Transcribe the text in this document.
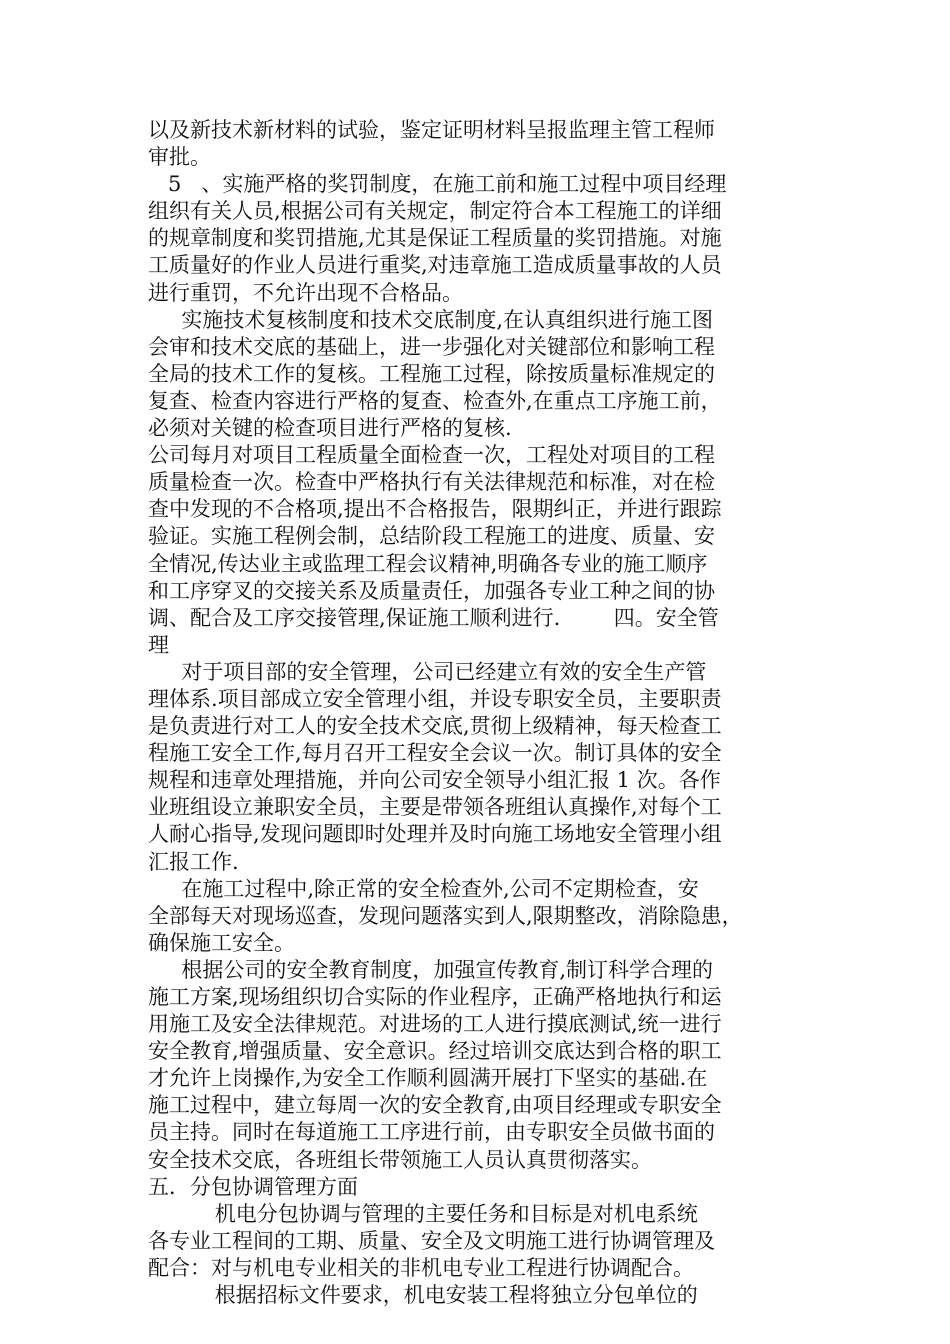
以及新技术新材料的试验，鉴定证明材料呈报监理主管工程师
审批。
5   、实施严格的奖罚制度，在施工前和施工过程中项目经理
组织有关人员,根据公司有关规定，制定符合本工程施工的详细
的规章制度和奖罚措施,尤其是保证工程质量的奖罚措施。对施
工质量好的作业人员进行重奖,对违章施工造成质量事故的人员
进行重罚，不允许出现不合格品。
实施技术复核制度和技术交底制度,在认真组织进行施工图
会审和技术交底的基础上，进一步强化对关键部位和影响工程
全局的技术工作的复核。工程施工过程，除按质量标准规定的
复查、检查内容进行严格的复查、检查外,在重点工序施工前，
必须对关键的检查项目进行严格的复核.
公司每月对项目工程质量全面检查一次，工程处对项目的工程
质量检查一次。检查中严格执行有关法律规范和标准，对在检
查中发现的不合格项,提出不合格报告，限期纠正，并进行跟踪
验证。实施工程例会制，总结阶段工程施工的进度、质量、安
全情况,传达业主或监理工程会议精神,明确各专业的施工顺序
和工序穿叉的交接关系及质量责任，加强各专业工种之间的协
调、配合及工序交接管理,保证施工顺利进行.        四。安全管
理
对于项目部的安全管理，公司已经建立有效的安全生产管
理体系.项目部成立安全管理小组，并设专职安全员，主要职责
是负责进行对工人的安全技术交底,贯彻上级精神，每天检查工
程施工安全工作,每月召开工程安全会议一次。制订具体的安全
规程和违章处理措施，并向公司安全领导小组汇报 1 次。各作
业班组设立兼职安全员，主要是带领各班组认真操作,对每个工
人耐心指导,发现问题即时处理并及时向施工场地安全管理小组
汇报工作.
在施工过程中,除正常的安全检查外,公司不定期检查，安
全部每天对现场巡查，发现问题落实到人,限期整改，消除隐患，
确保施工安全。
根据公司的安全教育制度，加强宣传教育,制订科学合理的
施工方案,现场组织切合实际的作业程序，正确严格地执行和运
用施工及安全法律规范。对进场的工人进行摸底测试,统一进行
安全教育,增强质量、安全意识。经过培训交底达到合格的职工
才允许上岗操作,为安全工作顺利圆满开展打下坚实的基础.在
施工过程中，建立每周一次的安全教育,由项目经理或专职安全
员主持。同时在每道施工工序进行前，由专职安全员做书面的
安全技术交底，各班组长带领施工人员认真贯彻落实。
五．分包协调管理方面
机电分包协调与管理的主要任务和目标是对机电系统
各专业工程间的工期、质量、安全及文明施工进行协调管理及
配合：对与机电专业相关的非机电专业工程进行协调配合。
根据招标文件要求，机电安装工程将独立分包单位的
